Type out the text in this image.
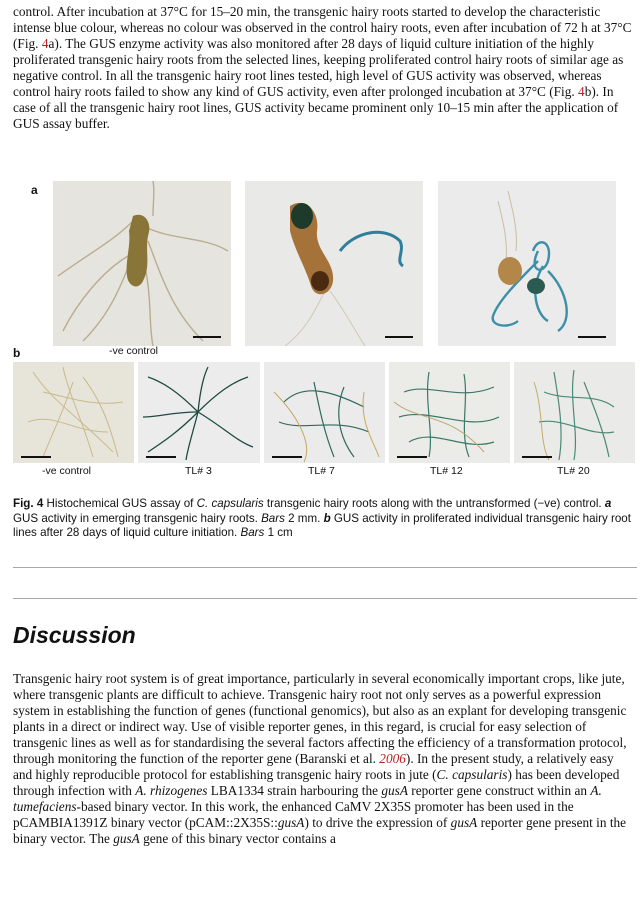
control. After incubation at 37°C for 15–20 min, the transgenic hairy roots started to develop the characteristic intense blue colour, whereas no colour was observed in the control hairy roots, even after incubation of 72 h at 37°C (Fig. 4a). The GUS enzyme activity was also monitored after 28 days of liquid culture initiation of the highly proliferated transgenic hairy roots from the selected lines, keeping proliferated control hairy roots of similar age as negative control. In all the transgenic hairy root lines tested, high level of GUS activity was observed, whereas control hairy roots failed to show any kind of GUS activity, even after prolonged incubation at 37°C (Fig. 4b). In case of all the transgenic hairy root lines, GUS activity became prominent only 10–15 min after the application of GUS assay buffer.
a
-ve control
b
-ve control	TL# 3	TL# 7	TL# 12	TL# 20
Fig. 4 Histochemical GUS assay of C. capsularis transgenic hairy roots along with the untransformed (−ve) control. a GUS activity in emerging transgenic hairy roots. Bars 2 mm. b GUS activity in proliferated individual transgenic hairy root lines after 28 days of liquid culture initiation. Bars 1 cm
Discussion
Transgenic hairy root system is of great importance, particularly in several economically important crops, like jute, where transgenic plants are difficult to achieve. Transgenic hairy root not only serves as a powerful expression system in establishing the function of genes (functional genomics), but also as an explant for developing transgenic plants in a direct or indirect way. Use of visible reporter genes, in this regard, is crucial for easy selection of transgenic lines as well as for standardising the several factors affecting the efficiency of a transformation protocol, through monitoring the function of the reporter gene (Baranski et al. 2006). In the present study, a relatively easy and highly reproducible protocol for establishing transgenic hairy roots in jute (C. capsularis) has been developed through infection with A. rhizogenes LBA1334 strain harbouring the gusA reporter gene construct within an A. tumefaciens-based binary vector. In this work, the enhanced CaMV 2X35S promoter has been used in the pCAMBIA1391Z binary vector (pCAM::2X35S::gusA) to drive the expression of gusA reporter gene present in the binary vector. The gusA gene of this binary vector contains a
